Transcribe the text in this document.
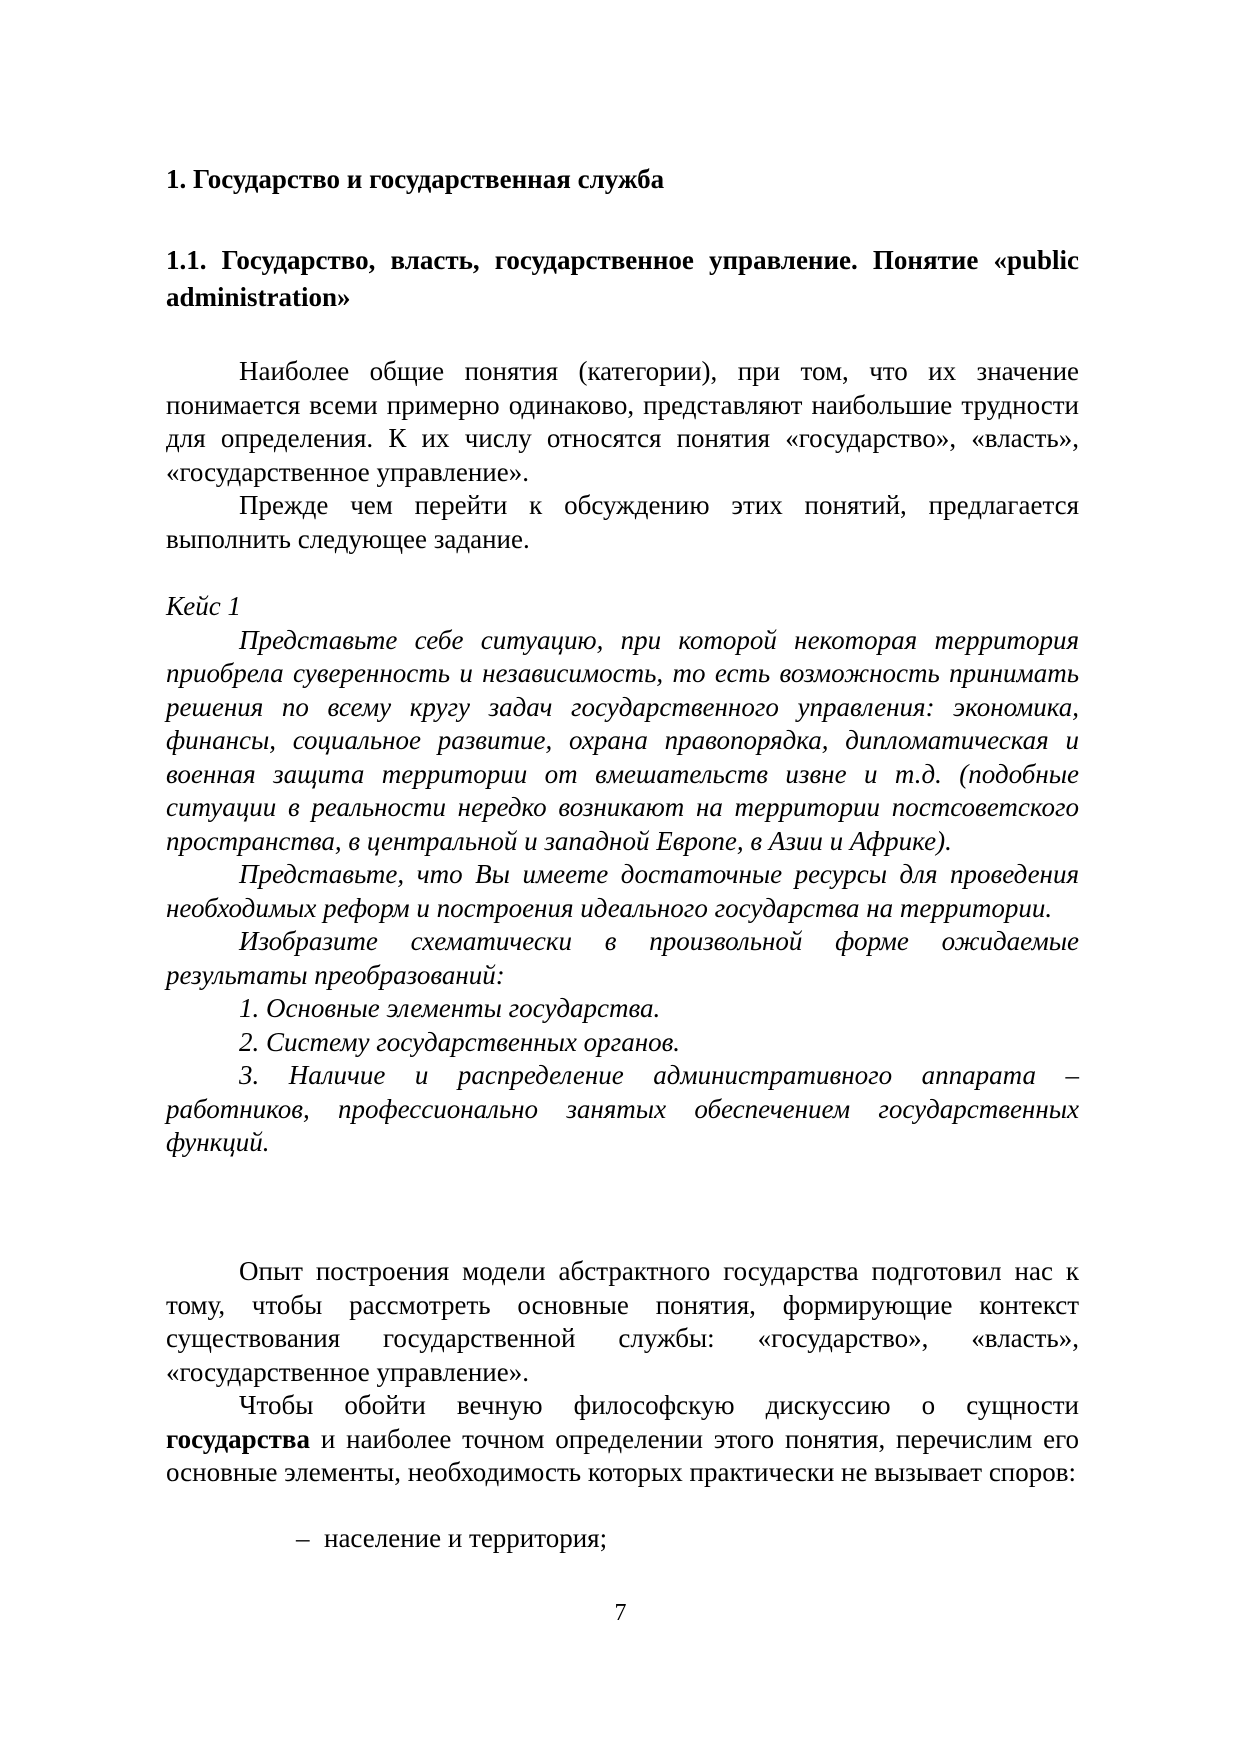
1. Государство и государственная служба

1.1. Государство, власть, государственное управление. Понятие «public administration»

Наиболее общие понятия (категории), при том, что их значение понимается всеми примерно одинаково, представляют наибольшие трудности для определения. К их числу относятся понятия «государство», «власть», «государственное управление».

Прежде чем перейти к обсуждению этих понятий, предлагается выполнить следующее задание.

Кейс 1

Представьте себе ситуацию, при которой некоторая территория приобрела суверенность и независимость, то есть возможность принимать решения по всему кругу задач государственного управления: экономика, финансы, социальное развитие, охрана правопорядка, дипломатическая и военная защита территории от вмешательств извне и т.д. (подобные ситуации в реальности нередко возникают на территории постсоветского пространства, в центральной и западной Европе, в Азии и Африке).

Представьте, что Вы имеете достаточные ресурсы для проведения необходимых реформ и построения идеального государства на территории.

Изобразите схематически в произвольной форме ожидаемые результаты преобразований:

1. Основные элементы государства.

2. Систему государственных органов.

3. Наличие и распределение административного аппарата – работников, профессионально занятых обеспечением государственных функций.

Опыт построения модели абстрактного государства подготовил нас к тому, чтобы рассмотреть основные понятия, формирующие контекст существования государственной службы: «государство», «власть», «государственное управление».

Чтобы обойти вечную философскую дискуссию о сущности государства и наиболее точном определении этого понятия, перечислим его основные элементы, необходимость которых практически не вызывает споров:

– население и территория;
7
